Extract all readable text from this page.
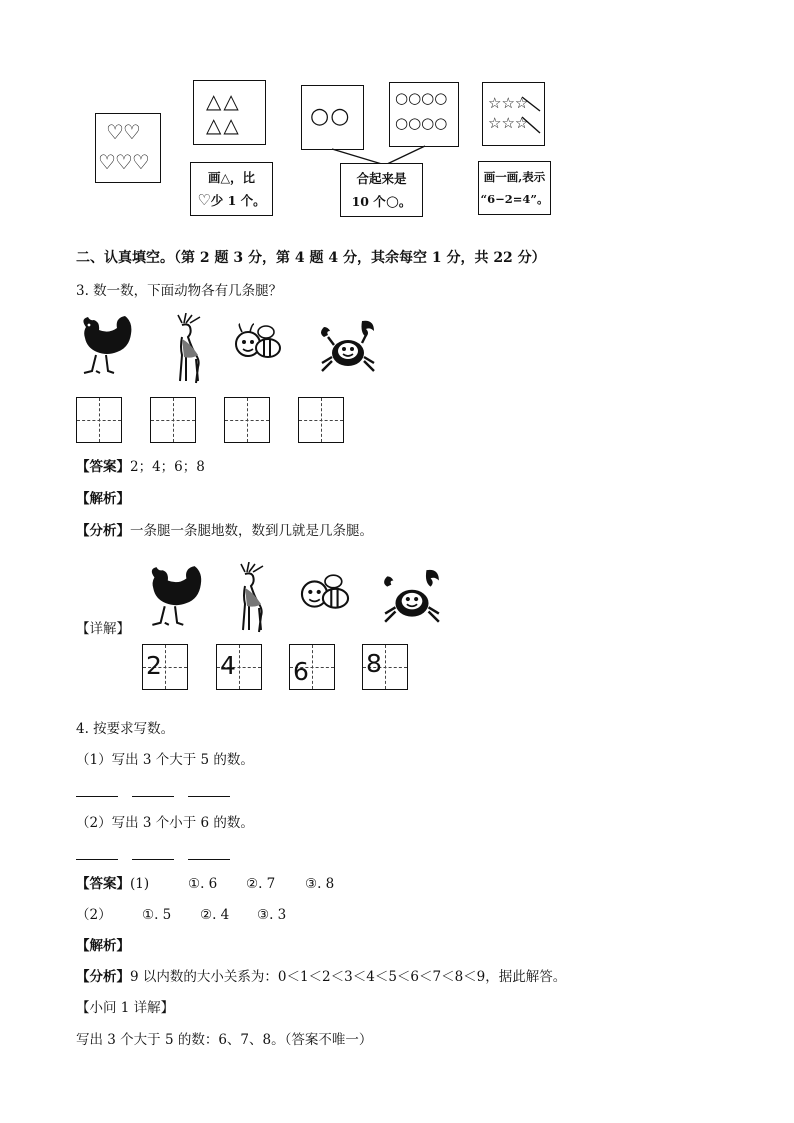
♡♡
♡♡♡
△△
△△
画△，比
♡少 1 个。
○○
○○○○
○○○○
合起来是
10 个○。
☆☆☆
☆☆☆
画一画,表示
“6−2=4”。
二、认真填空。（第 2 题 3 分，第 4 题 4 分，其余每空 1 分，共 22 分）
3. 数一数，下面动物各有几条腿？
【答案】2；4；6；8
【解析】
【分析】一条腿一条腿地数，数到几就是几条腿。
【详解】
2 4 6 8
4. 按要求写数。
（1）写出 3 个大于 5 的数。
（2）写出 3 个小于 6 的数。
【答案】(1)	①. 6 ②. 7 ③. 8
（2） ①. 5 ②. 4 ③. 3
【解析】
【分析】9 以内数的大小关系为：0＜1＜2＜3＜4＜5＜6＜7＜8＜9，据此解答。
【小问 1 详解】
写出 3 个大于 5 的数：6、7、8。（答案不唯一）
